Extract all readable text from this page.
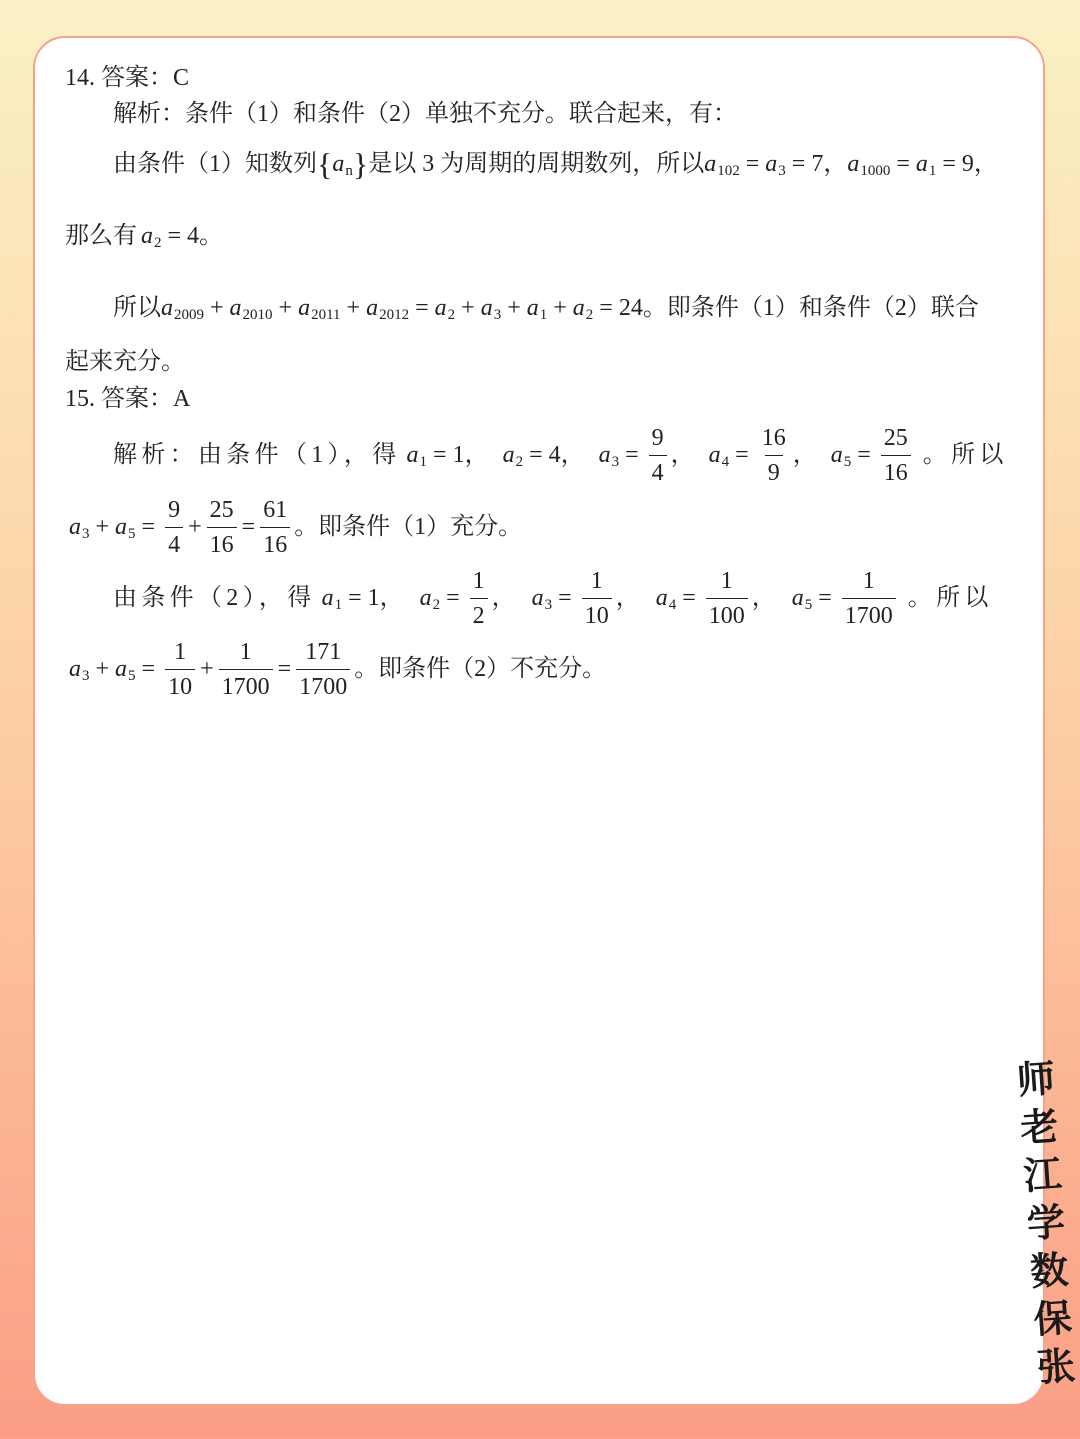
14. 答案：C
解析：条件（1）和条件（2）单独不充分。联合起来，有：
由条件（1）知数列 { a n } 是以 3 为周期的周期数列，所以 a 102 = a 3 = 7 ， a 1000 = a 1 = 9 ，
那么有 a 2 = 4 。
所以 a 2009 + a 2010 + a 2011 + a 2012 = a 2 + a 3 + a 1 + a 2 = 24 。即条件（1）和条件（2）联合
起来充分。
15. 答案：A
解析：由条件（1），得 a 1 = 1 ， a 2 = 4 ， a $3 = \frac{9}{4}$ ， a $4 = \frac{16}{9}$ ， a $5 = \frac{25}{16}$ 。所以
a 3 + a $5 = \frac{9}{4} + \frac{25}{16} = \frac{61}{16}$ 。即条件（1）充分。
由条件（2），得 a 1 = 1 ， a $2 = \frac{1}{2}$ ， a $3 = \frac{1}{10}$ ， a $4 = \frac{1}{100}$ ， a $5 = \frac{1}{1700}$ 。所以
a 3 + a $5 = \frac{1}{10} + \frac{1}{1700} = \frac{171}{1700}$ 。即条件（2）不充分。
师
老
江
学
数
保
张
